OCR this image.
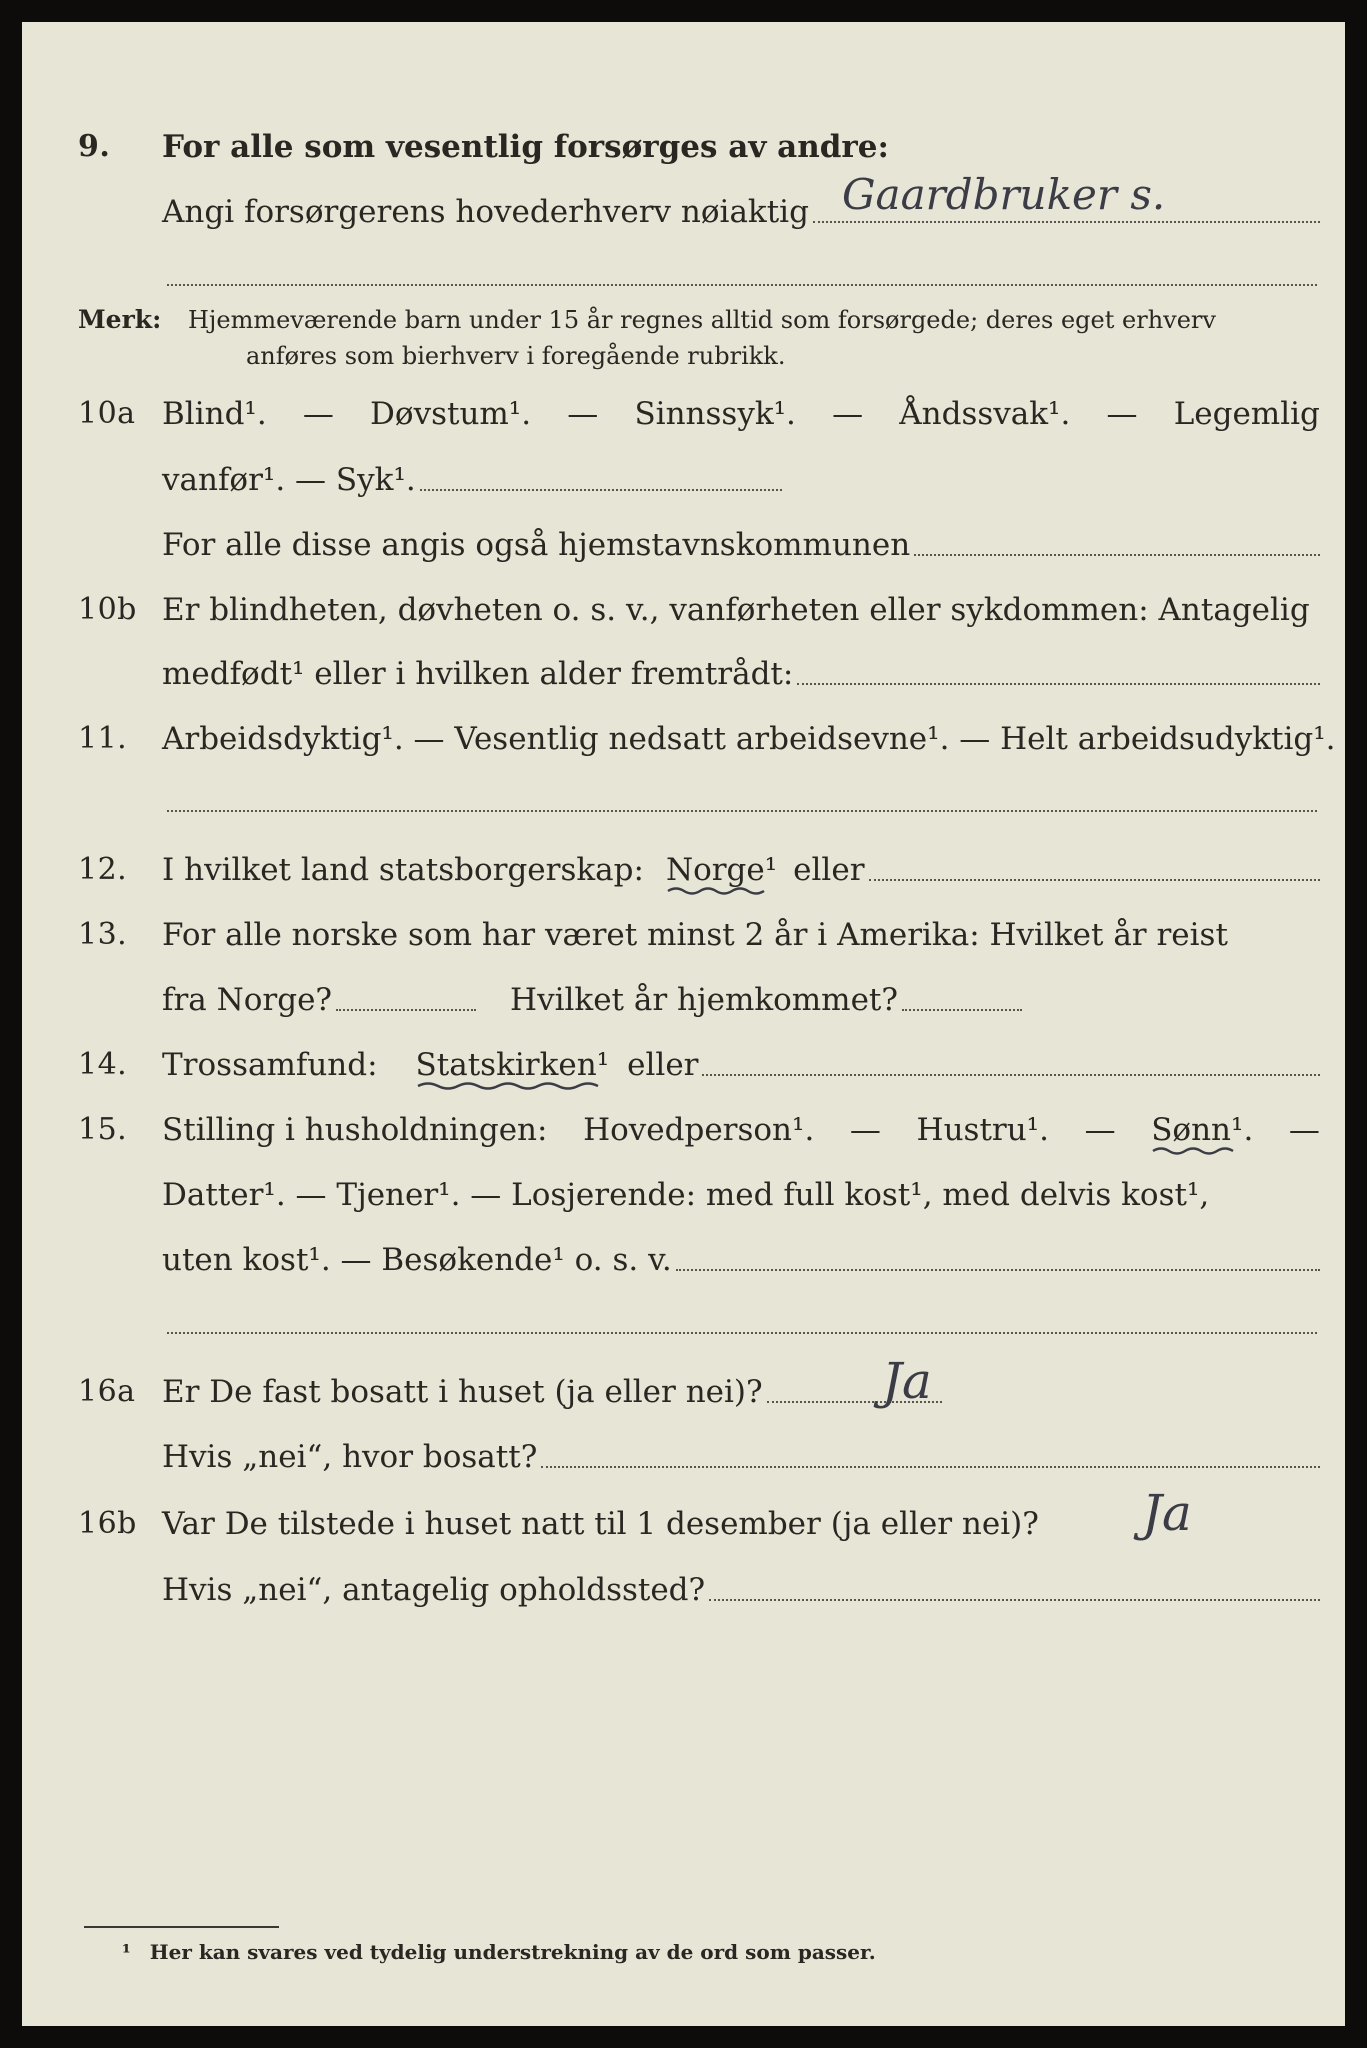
9. For alle som vesentlig forsørges av andre:
Angi forsørgerens hovederhverv nøiaktig Gaardbruker s.
Merk: Hjemmeværende barn under 15 år regnes alltid som forsørgede; deres eget erhverv
anføres som bierhverv i foregående rubrikk.
10a Blind¹. — Døvstum¹. — Sinnssyk¹. — Åndssvak¹. — Legemlig
vanfør¹. — Syk¹.
For alle disse angis også hjemstavnskommunen
10b Er blindheten, døvheten o. s. v., vanførheten eller sykdommen: Antagelig
medfødt¹ eller i hvilken alder fremtrådt:
11. Arbeidsdyktig¹. — Vesentlig nedsatt arbeidsevne¹. — Helt arbeidsudyktig¹.
12. I hvilket land statsborgerskap: Norge¹ eller
13. For alle norske som har været minst 2 år i Amerika: Hvilket år reist
fra Norge?	Hvilket år hjemkommet?
14. Trossamfund: Statskirken¹ eller
15. Stilling i husholdningen: Hovedperson¹. — Hustru¹. — Sønn¹. —
Datter¹. — Tjener¹. — Losjerende: med full kost¹, med delvis kost¹,
uten kost¹. — Besøkende¹ o. s. v.
16a Er De fast bosatt i huset (ja eller nei)? Ja
Hvis „nei“, hvor bosatt?
16b Var De tilstede i huset natt til 1 desember (ja eller nei)? Ja
Hvis „nei“, antagelig opholdssted?
¹ Her kan svares ved tydelig understrekning av de ord som passer.
